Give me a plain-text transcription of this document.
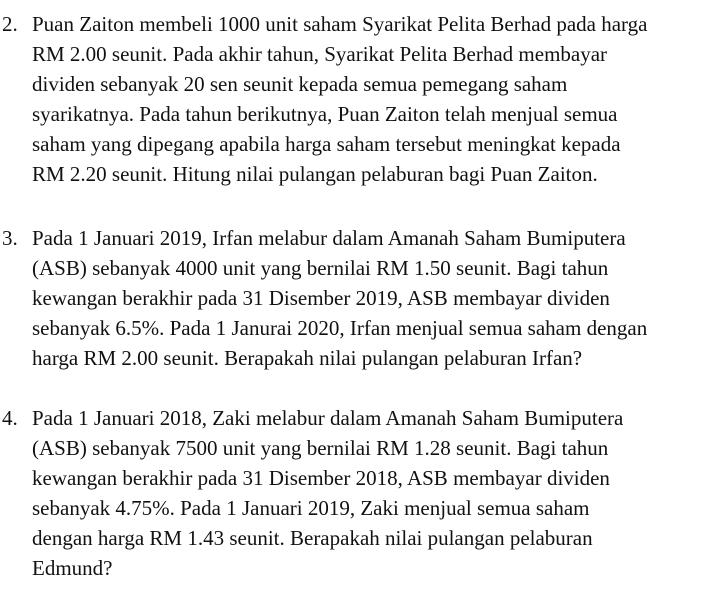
2. Puan Zaiton membeli 1000 unit saham Syarikat Pelita Berhad pada harga
RM 2.00 seunit. Pada akhir tahun, Syarikat Pelita Berhad membayar
dividen sebanyak 20 sen seunit kepada semua pemegang saham
syarikatnya. Pada tahun berikutnya, Puan Zaiton telah menjual semua
saham yang dipegang apabila harga saham tersebut meningkat kepada
RM 2.20 seunit. Hitung nilai pulangan pelaburan bagi Puan Zaiton.
3. Pada 1 Januari 2019, Irfan melabur dalam Amanah Saham Bumiputera
(ASB) sebanyak 4000 unit yang bernilai RM 1.50 seunit. Bagi tahun
kewangan berakhir pada 31 Disember 2019, ASB membayar dividen
sebanyak 6.5%. Pada 1 Janurai 2020, Irfan menjual semua saham dengan
harga RM 2.00 seunit. Berapakah nilai pulangan pelaburan Irfan?
4. Pada 1 Januari 2018, Zaki melabur dalam Amanah Saham Bumiputera
(ASB) sebanyak 7500 unit yang bernilai RM 1.28 seunit. Bagi tahun
kewangan berakhir pada 31 Disember 2018, ASB membayar dividen
sebanyak 4.75%. Pada 1 Januari 2019, Zaki menjual semua saham
dengan harga RM 1.43 seunit. Berapakah nilai pulangan pelaburan
Edmund?
